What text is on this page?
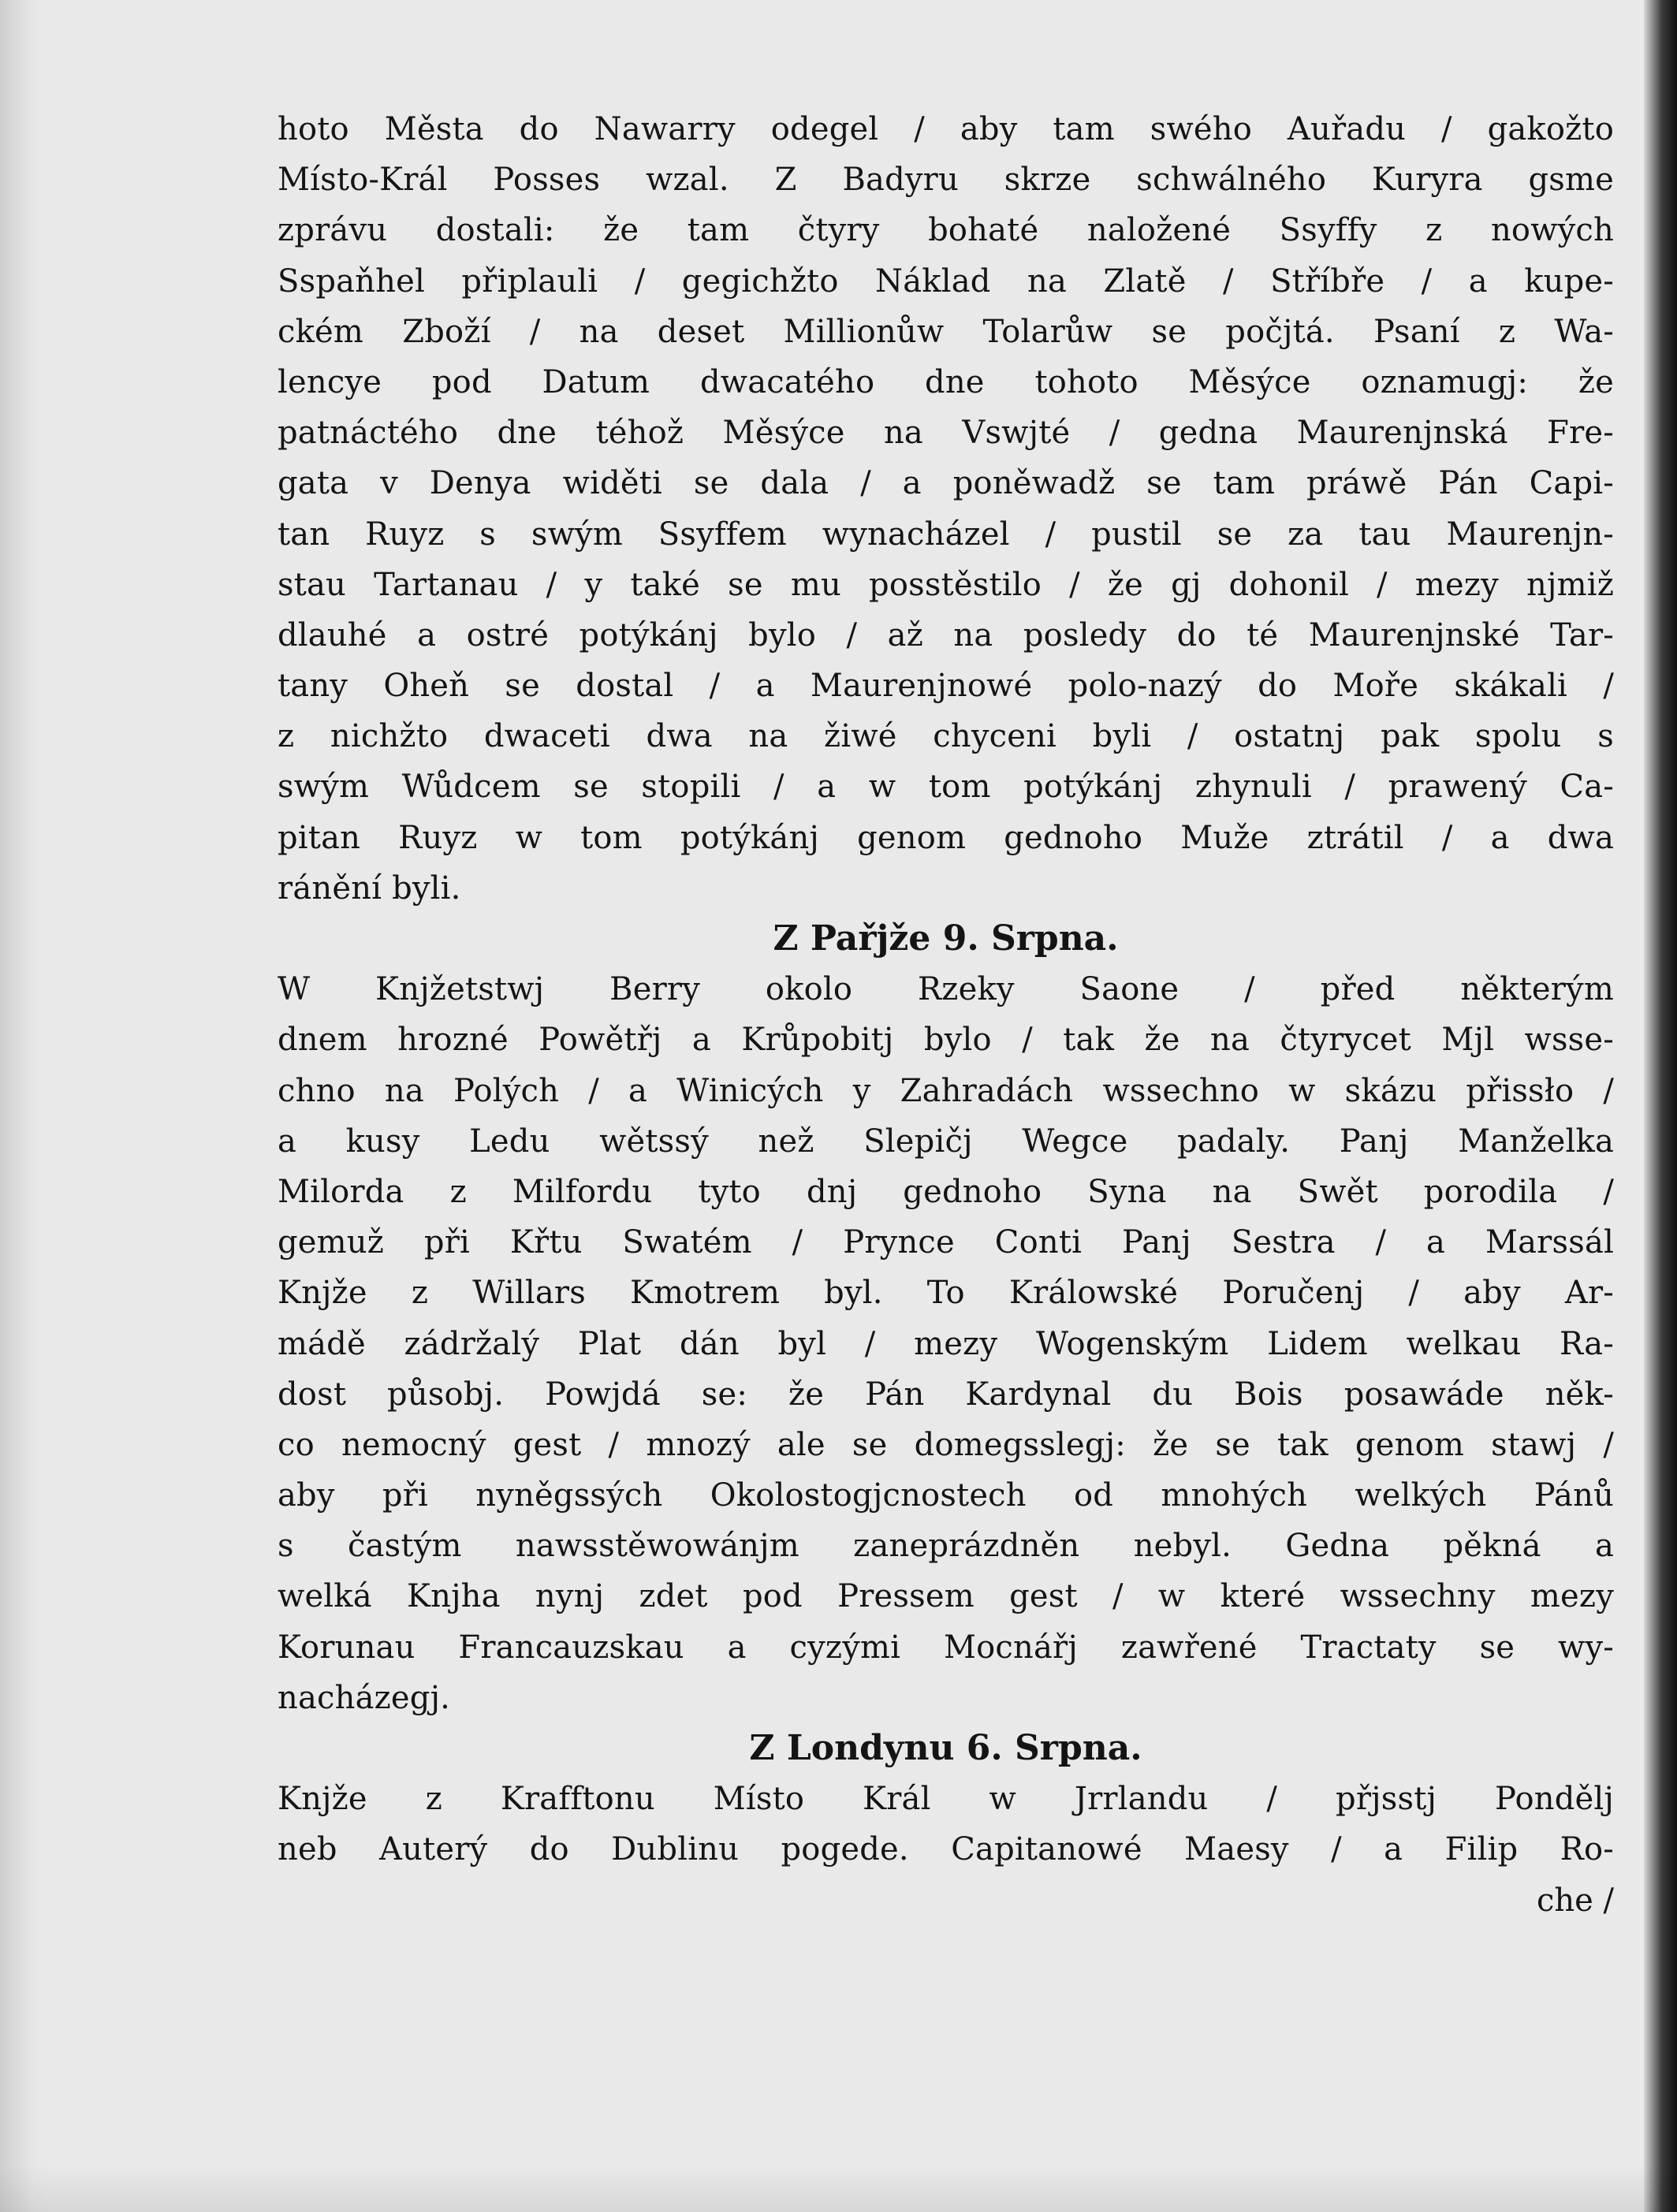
hoto Města do Nawarry odegel / aby tam swého Auřadu / gakožto
Místo-Král Posses wzal. Z Badyru skrze schwálného Kuryra gsme
zprávu dostali: že tam čtyry bohaté naložené Ssyffy z nowých
Sspaňhel připlauli / gegichžto Náklad na Zlatě / Stříbře / a kupe-
ckém Zboží / na deset Millionůw Tolarůw se počjtá. Psaní z Wa-
lencye pod Datum dwacatého dne tohoto Měsýce oznamugj: že
patnáctého dne téhož Měsýce na Vswjté / gedna Maurenjnská Fre-
gata v Denya widěti se dala / a poněwadž se tam práwě Pán Capi-
tan Ruyz s swým Ssyffem wynacházel / pustil se za tau Maurenjn-
stau Tartanau / y také se mu posstěstilo / že gj dohonil / mezy njmiž
dlauhé a ostré potýkánj bylo / až na posledy do té Maurenjnské Tar-
tany Oheň se dostal / a Maurenjnowé polo-nazý do Moře skákali /
z nichžto dwaceti dwa na žiwé chyceni byli / ostatnj pak spolu s
swým Wůdcem se stopili / a w tom potýkánj zhynuli / prawený Ca-
pitan Ruyz w tom potýkánj genom gednoho Muže ztrátil / a dwa
ránění byli.
Z Pařjže 9. Srpna.
W Knjžetstwj Berry okolo Rzeky Saone / před některým
dnem hrozné Powětřj a Krůpobitj bylo / tak že na čtyrycet Mjl wsse-
chno na Polých / a Winicých y Zahradách wssechno w skázu přissło /
a kusy Ledu wětssý než Slepičj Wegce padaly. Panj Manželka
Milorda z Milfordu tyto dnj gednoho Syna na Swět porodila /
gemuž při Křtu Swatém / Prynce Conti Panj Sestra / a Marssál
Knjže z Willars Kmotrem byl. To Králowské Poručenj / aby Ar-
mádě zádržalý Plat dán byl / mezy Wogenským Lidem welkau Ra-
dost působj. Powjdá se: že Pán Kardynal du Bois posawáde něk-
co nemocný gest / mnozý ale se domegsslegj: že se tak genom stawj /
aby při nyněgssých Okolostogjcnostech od mnohých welkých Pánů
s častým nawsstěwowánjm zaneprázdněn nebyl. Gedna pěkná a
welká Knjha nynj zdet pod Pressem gest / w které wssechny mezy
Korunau Francauzskau a cyzými Mocnářj zawřené Tractaty se wy-
nacházegj.
Z Londynu 6. Srpna.
Knjže z Krafftonu Místo Král w Jrrlandu / přjsstj Pondělj
neb Auterý do Dublinu pogede. Capitanowé Maesy / a Filip Ro-
che /
